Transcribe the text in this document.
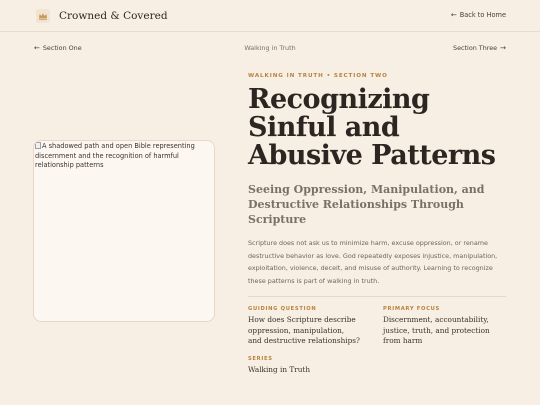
Crowned & Covered	← Back to Home
← Section One	Walking in Truth	Section Three →
A shadowed path and open Bible representing discernment and the recognition of harmful relationship patterns
WALKING IN TRUTH • SECTION TWO
Recognizing Sinful and Abusive Patterns
Seeing Oppression, Manipulation, and Destructive Relationships Through Scripture

Scripture does not ask us to minimize harm, excuse oppression, or rename destructive behavior as love. God repeatedly exposes injustice, manipulation, exploitation, violence, deceit, and misuse of authority. Learning to recognize these patterns is part of walking in truth.

GUIDING QUESTION
How does Scripture describe oppression, manipulation, and destructive relationships?
PRIMARY FOCUS
Discernment, accountability, justice, truth, and protection from harm
SERIES
Walking in Truth
